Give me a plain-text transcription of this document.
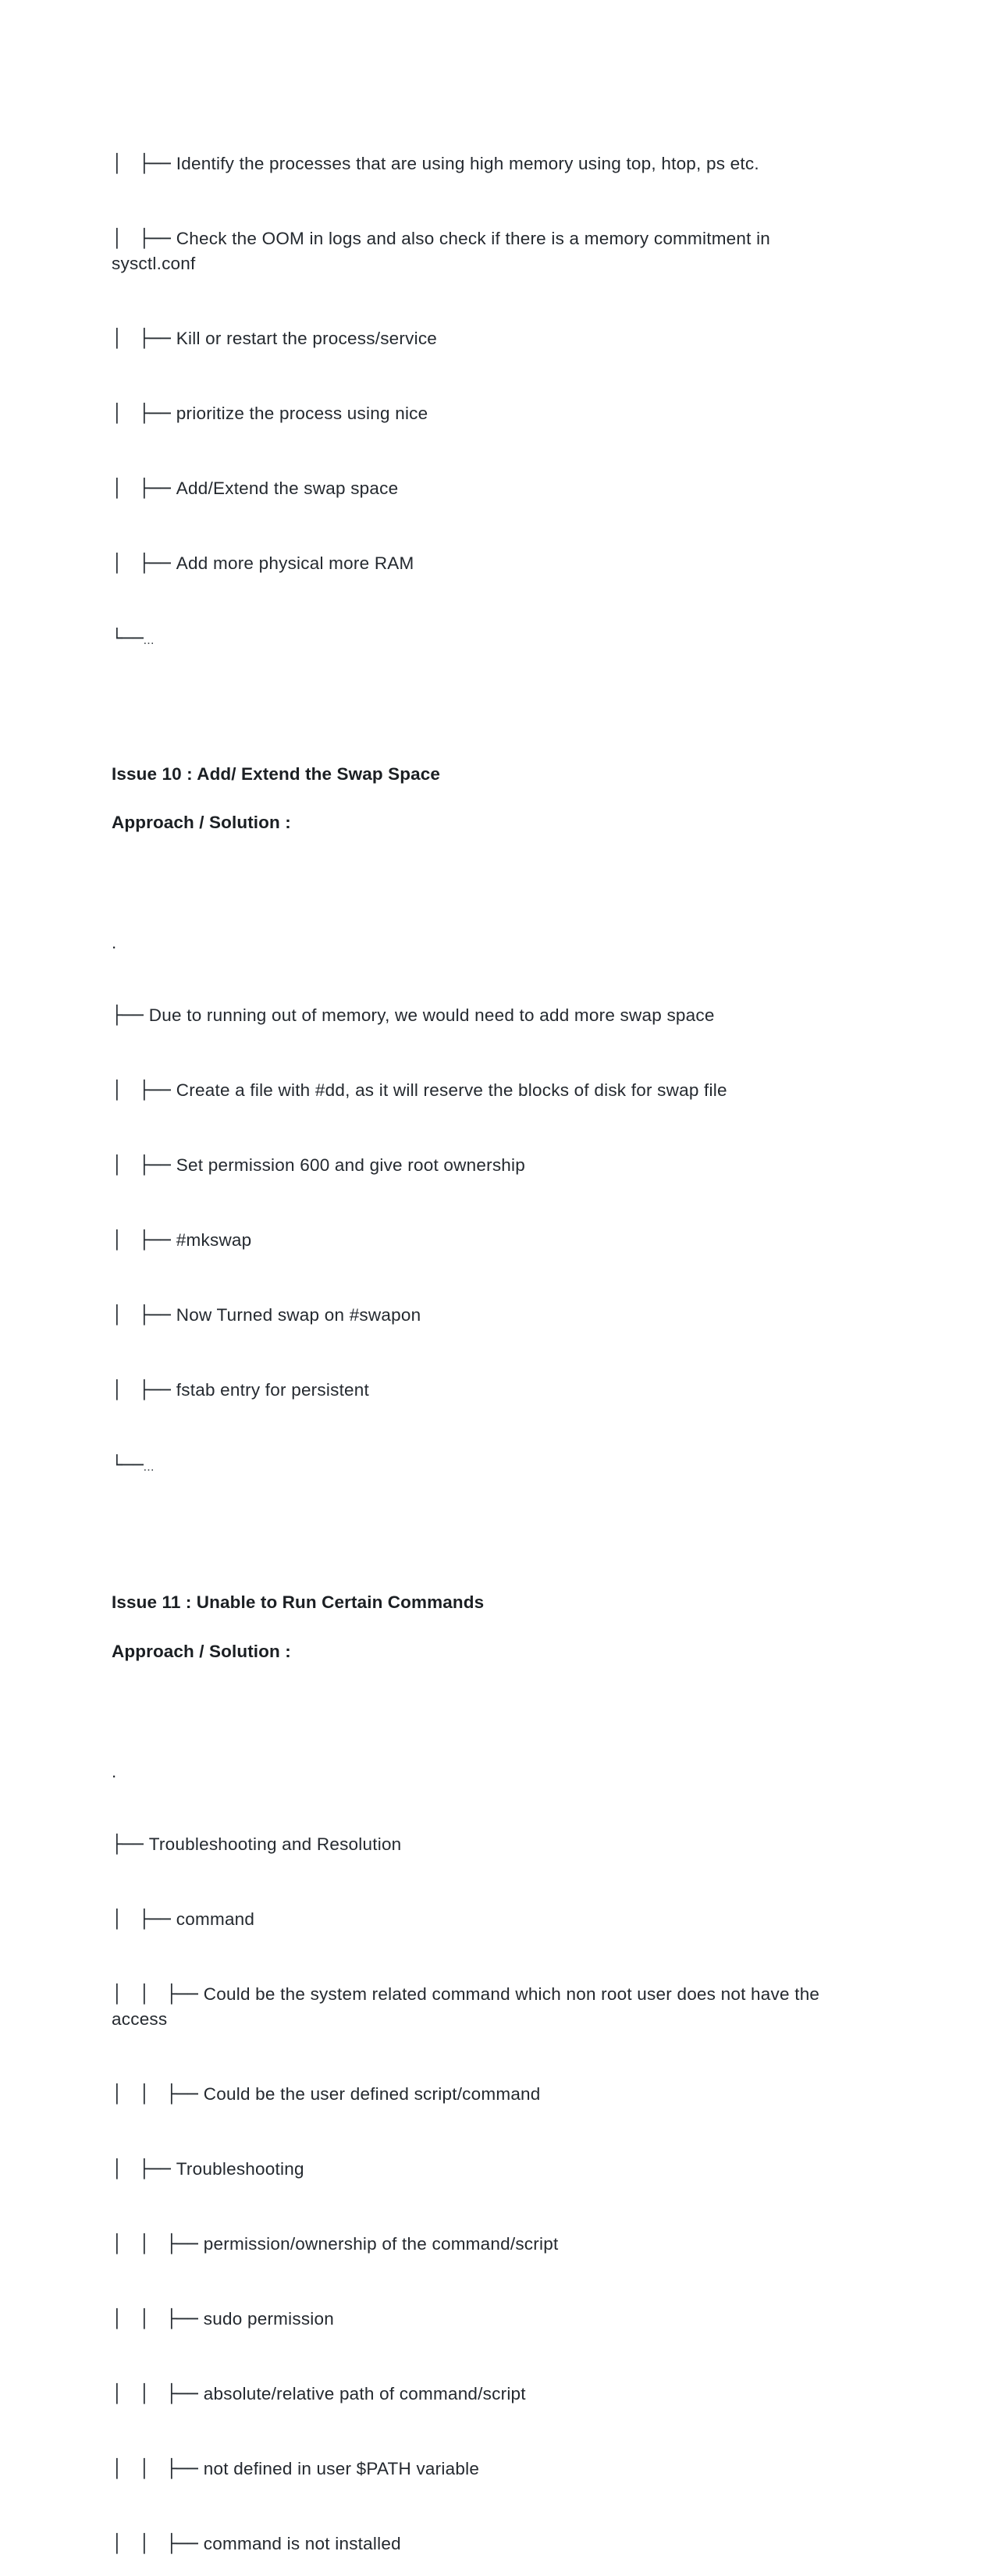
│   ├── Identify the processes that are using high memory using top, htop, ps etc.

│   ├── Check the OOM in logs and also check if there is a memory commitment in sysctl.conf

│   ├── Kill or restart the process/service

│   ├── prioritize the process using nice

│   ├── Add/Extend the swap space

│   ├── Add more physical more RAM

└──...

Issue 10 : Add/ Extend the Swap Space
Approach / Solution :

.

├── Due to running out of memory, we would need to add more swap space

│   ├── Create a file with #dd, as it will reserve the blocks of disk for swap file

│   ├── Set permission 600 and give root ownership

│   ├── #mkswap

│   ├── Now Turned swap on #swapon

│   ├── fstab entry for persistent

└──...

Issue 11 : Unable to Run Certain Commands
Approach / Solution :

.

├── Troubleshooting and Resolution

│   ├── command

│   │   ├── Could be the system related command which non root user does not have the access

│   │   ├── Could be the user defined script/command

│   ├── Troubleshooting

│   │   ├── permission/ownership of the command/script

│   │   ├── sudo permission

│   │   ├── absolute/relative path of command/script

│   │   ├── not defined in user $PATH variable

│   │   ├── command is not installed
